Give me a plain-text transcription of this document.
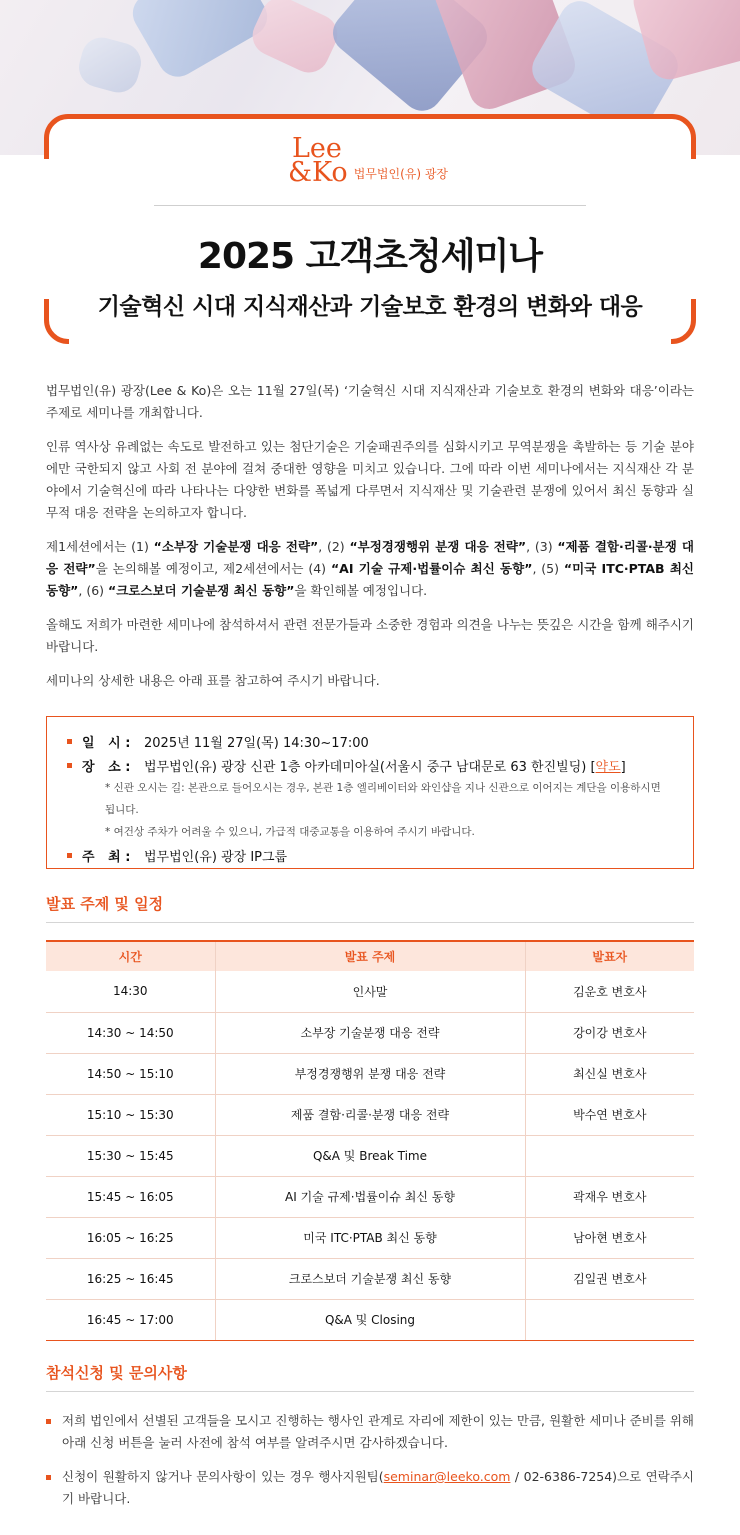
Lee
&Ko 법무법인(유) 광장
2025 고객초청세미나
기술혁신 시대 지식재산과 기술보호 환경의 변화와 대응

법무법인(유) 광장(Lee & Ko)은 오는 11월 27일(목) ‘기술혁신 시대 지식재산과 기술보호 환경의 변화와 대응’이라는 주제로 세미나를 개최합니다.

인류 역사상 유례없는 속도로 발전하고 있는 첨단기술은 기술패권주의를 심화시키고 무역분쟁을 촉발하는 등 기술 분야에만 국한되지 않고 사회 전 분야에 걸쳐 중대한 영향을 미치고 있습니다. 그에 따라 이번 세미나에서는 지식재산 각 분야에서 기술혁신에 따라 나타나는 다양한 변화를 폭넓게 다루면서 지식재산 및 기술관련 분쟁에 있어서 최신 동향과 실무적 대응 전략을 논의하고자 합니다.

제1세션에서는 (1) “소부장 기술분쟁 대응 전략”, (2) “부정경쟁행위 분쟁 대응 전략”, (3) “제품 결함·리콜·분쟁 대응 전략”을 논의해볼 예정이고, 제2세션에서는 (4) “AI 기술 규제·법률이슈 최신 동향”, (5) “미국 ITC·PTAB 최신 동향”, (6) “크로스보더 기술분쟁 최신 동향”을 확인해볼 예정입니다.

올해도 저희가 마련한 세미나에 참석하셔서 관련 전문가들과 소중한 경험과 의견을 나누는 뜻깊은 시간을 함께 해주시기 바랍니다.

세미나의 상세한 내용은 아래 표를 참고하여 주시기 바랍니다.

일   시 :	2025년 11월 27일(목) 14:30~17:00
장   소 :	법무법인(유) 광장 신관 1층 아카데미아실(서울시 중구 남대문로 63 한진빌딩) [약도]
* 신관 오시는 길: 본관으로 들어오시는 경우, 본관 1층 엘리베이터와 와인샵을 지나 신관으로 이어지는 계단을 이용하시면 됩니다.
* 여건상 주차가 어려울 수 있으니, 가급적 대중교통을 이용하여 주시기 바랍니다.
주   최 :	법무법인(유) 광장 IP그룹
발표 주제 및 일정
시간	발표 주제	발표자
14:30	인사말	김운호 변호사
14:30 ~ 14:50	소부장 기술분쟁 대응 전략	강이강 변호사
14:50 ~ 15:10	부정경쟁행위 분쟁 대응 전략	최신실 변호사
15:10 ~ 15:30	제품 결함·리콜·분쟁 대응 전략	박수연 변호사
15:30 ~ 15:45	Q&A 및 Break Time	
15:45 ~ 16:05	AI 기술 규제·법률이슈 최신 동향	곽재우 변호사
16:05 ~ 16:25	미국 ITC·PTAB 최신 동향	남아현 변호사
16:25 ~ 16:45	크로스보더 기술분쟁 최신 동향	김일권 변호사
16:45 ~ 17:00	Q&A 및 Closing	
참석신청 및 문의사항
저희 법인에서 선별된 고객들을 모시고 진행하는 행사인 관계로 자리에 제한이 있는 만큼, 원활한 세미나 준비를 위해 아래 신청 버튼을 눌러 사전에 참석 여부를 알려주시면 감사하겠습니다.
신청이 원활하지 않거나 문의사항이 있는 경우 행사지원팀(seminar@leeko.com / 02-6386-7254)으로 연락주시기 바랍니다.
